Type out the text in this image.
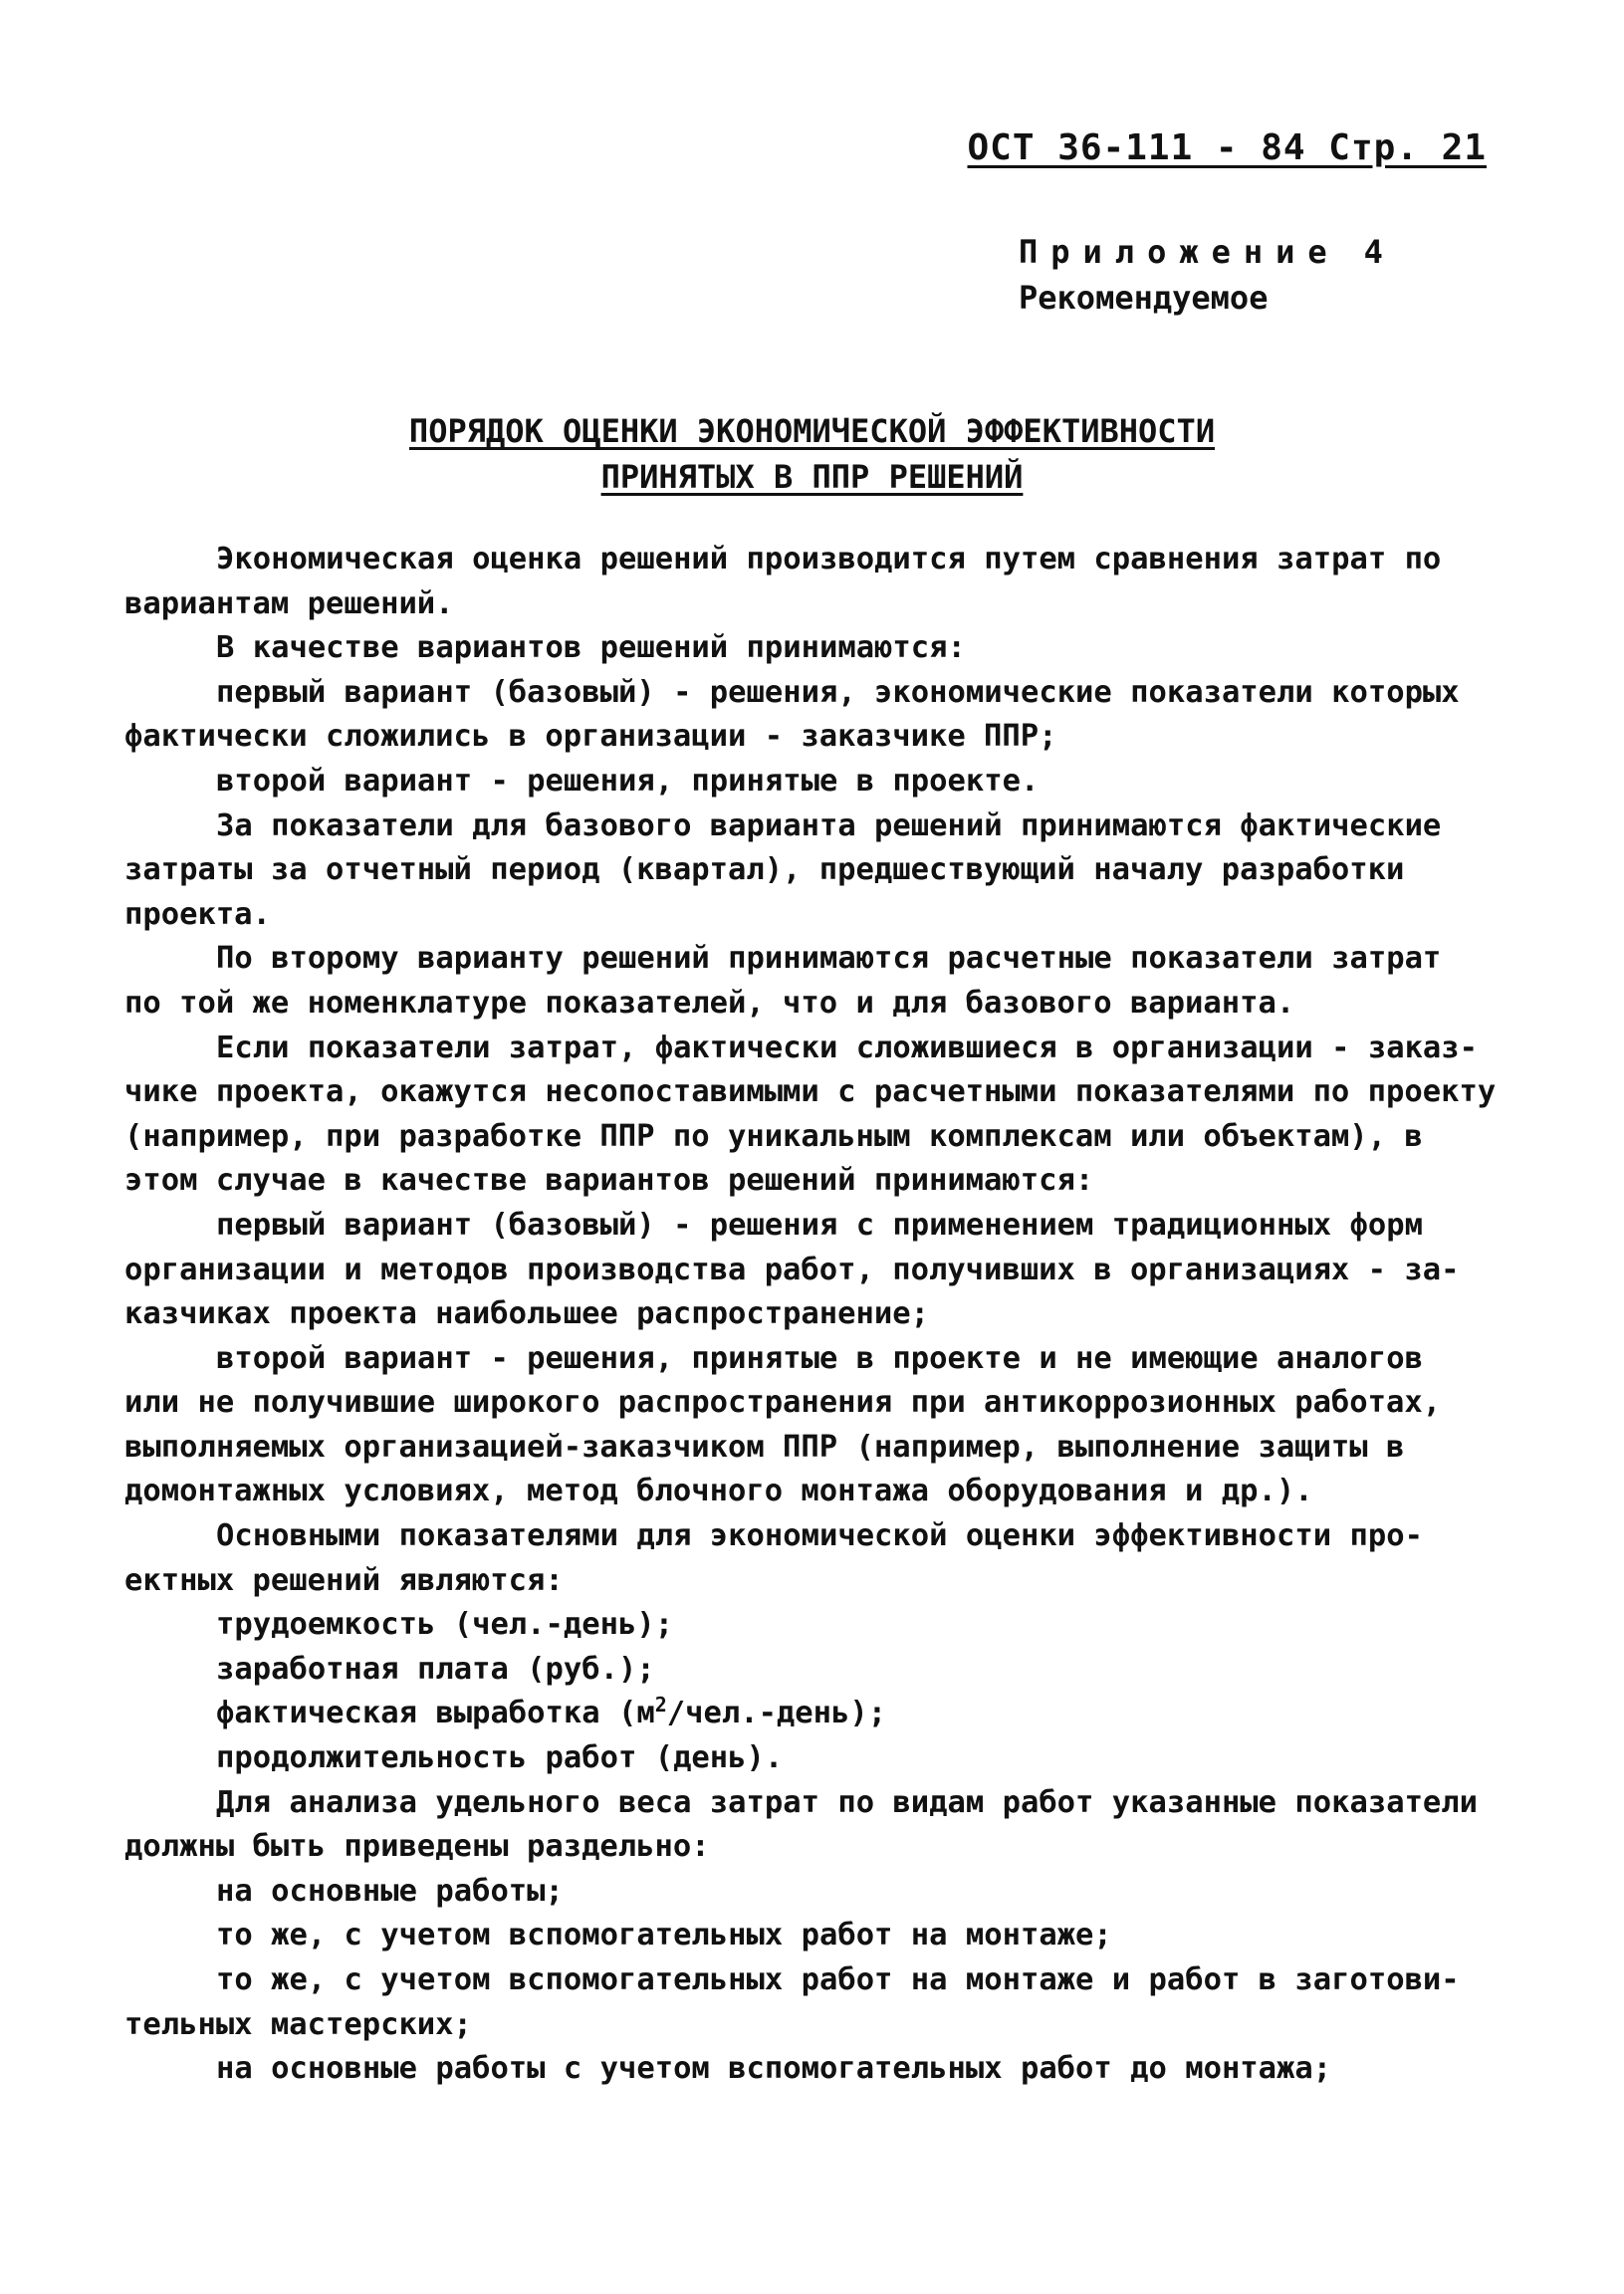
ОСТ 36-111 - 84 Стр. 21
Приложение 4
Рекомендуемое
ПОРЯДОК ОЦЕНКИ ЭКОНОМИЧЕСКОЙ ЭФФЕКТИВНОСТИ
ПРИНЯТЫХ В ППР РЕШЕНИЙ
Экономическая оценка решений производится путем сравнения затрат по
вариантам решений.
В качестве вариантов решений принимаются:
первый вариант (базовый) - решения, экономические показатели которых
фактически сложились в организации - заказчике ППР;
второй вариант - решения, принятые в проекте.
За показатели для базового варианта решений принимаются фактические
затраты за отчетный период (квартал), предшествующий началу разработки
проекта.
По второму варианту решений принимаются расчетные показатели затрат
по той же номенклатуре показателей, что и для базового варианта.
Если показатели затрат, фактически сложившиеся в организации - заказ-
чике проекта, окажутся несопоставимыми с расчетными показателями по проекту
(например, при разработке ППР по уникальным комплексам или объектам), в
этом случае в качестве вариантов решений принимаются:
первый вариант (базовый) - решения с применением традиционных форм
организации и методов производства работ, получивших в организациях - за-
казчиках проекта наибольшее распространение;
второй вариант - решения, принятые в проекте и не имеющие аналогов
или не получившие широкого распространения при антикоррозионных работах,
выполняемых организацией-заказчиком ППР (например, выполнение защиты в
домонтажных условиях, метод блочного монтажа оборудования и др.).
Основными показателями для экономической оценки эффективности про-
ектных решений являются:
трудоемкость (чел.-день);
заработная плата (руб.);
фактическая выработка $(м^2/чел.-день)$;
продолжительность работ (день).
Для анализа удельного веса затрат по видам работ указанные показатели
должны быть приведены раздельно:
на основные работы;
то же, с учетом вспомогательных работ на монтаже;
то же, с учетом вспомогательных работ на монтаже и работ в заготови-
тельных мастерских;
на основные работы с учетом вспомогательных работ до монтажа;
